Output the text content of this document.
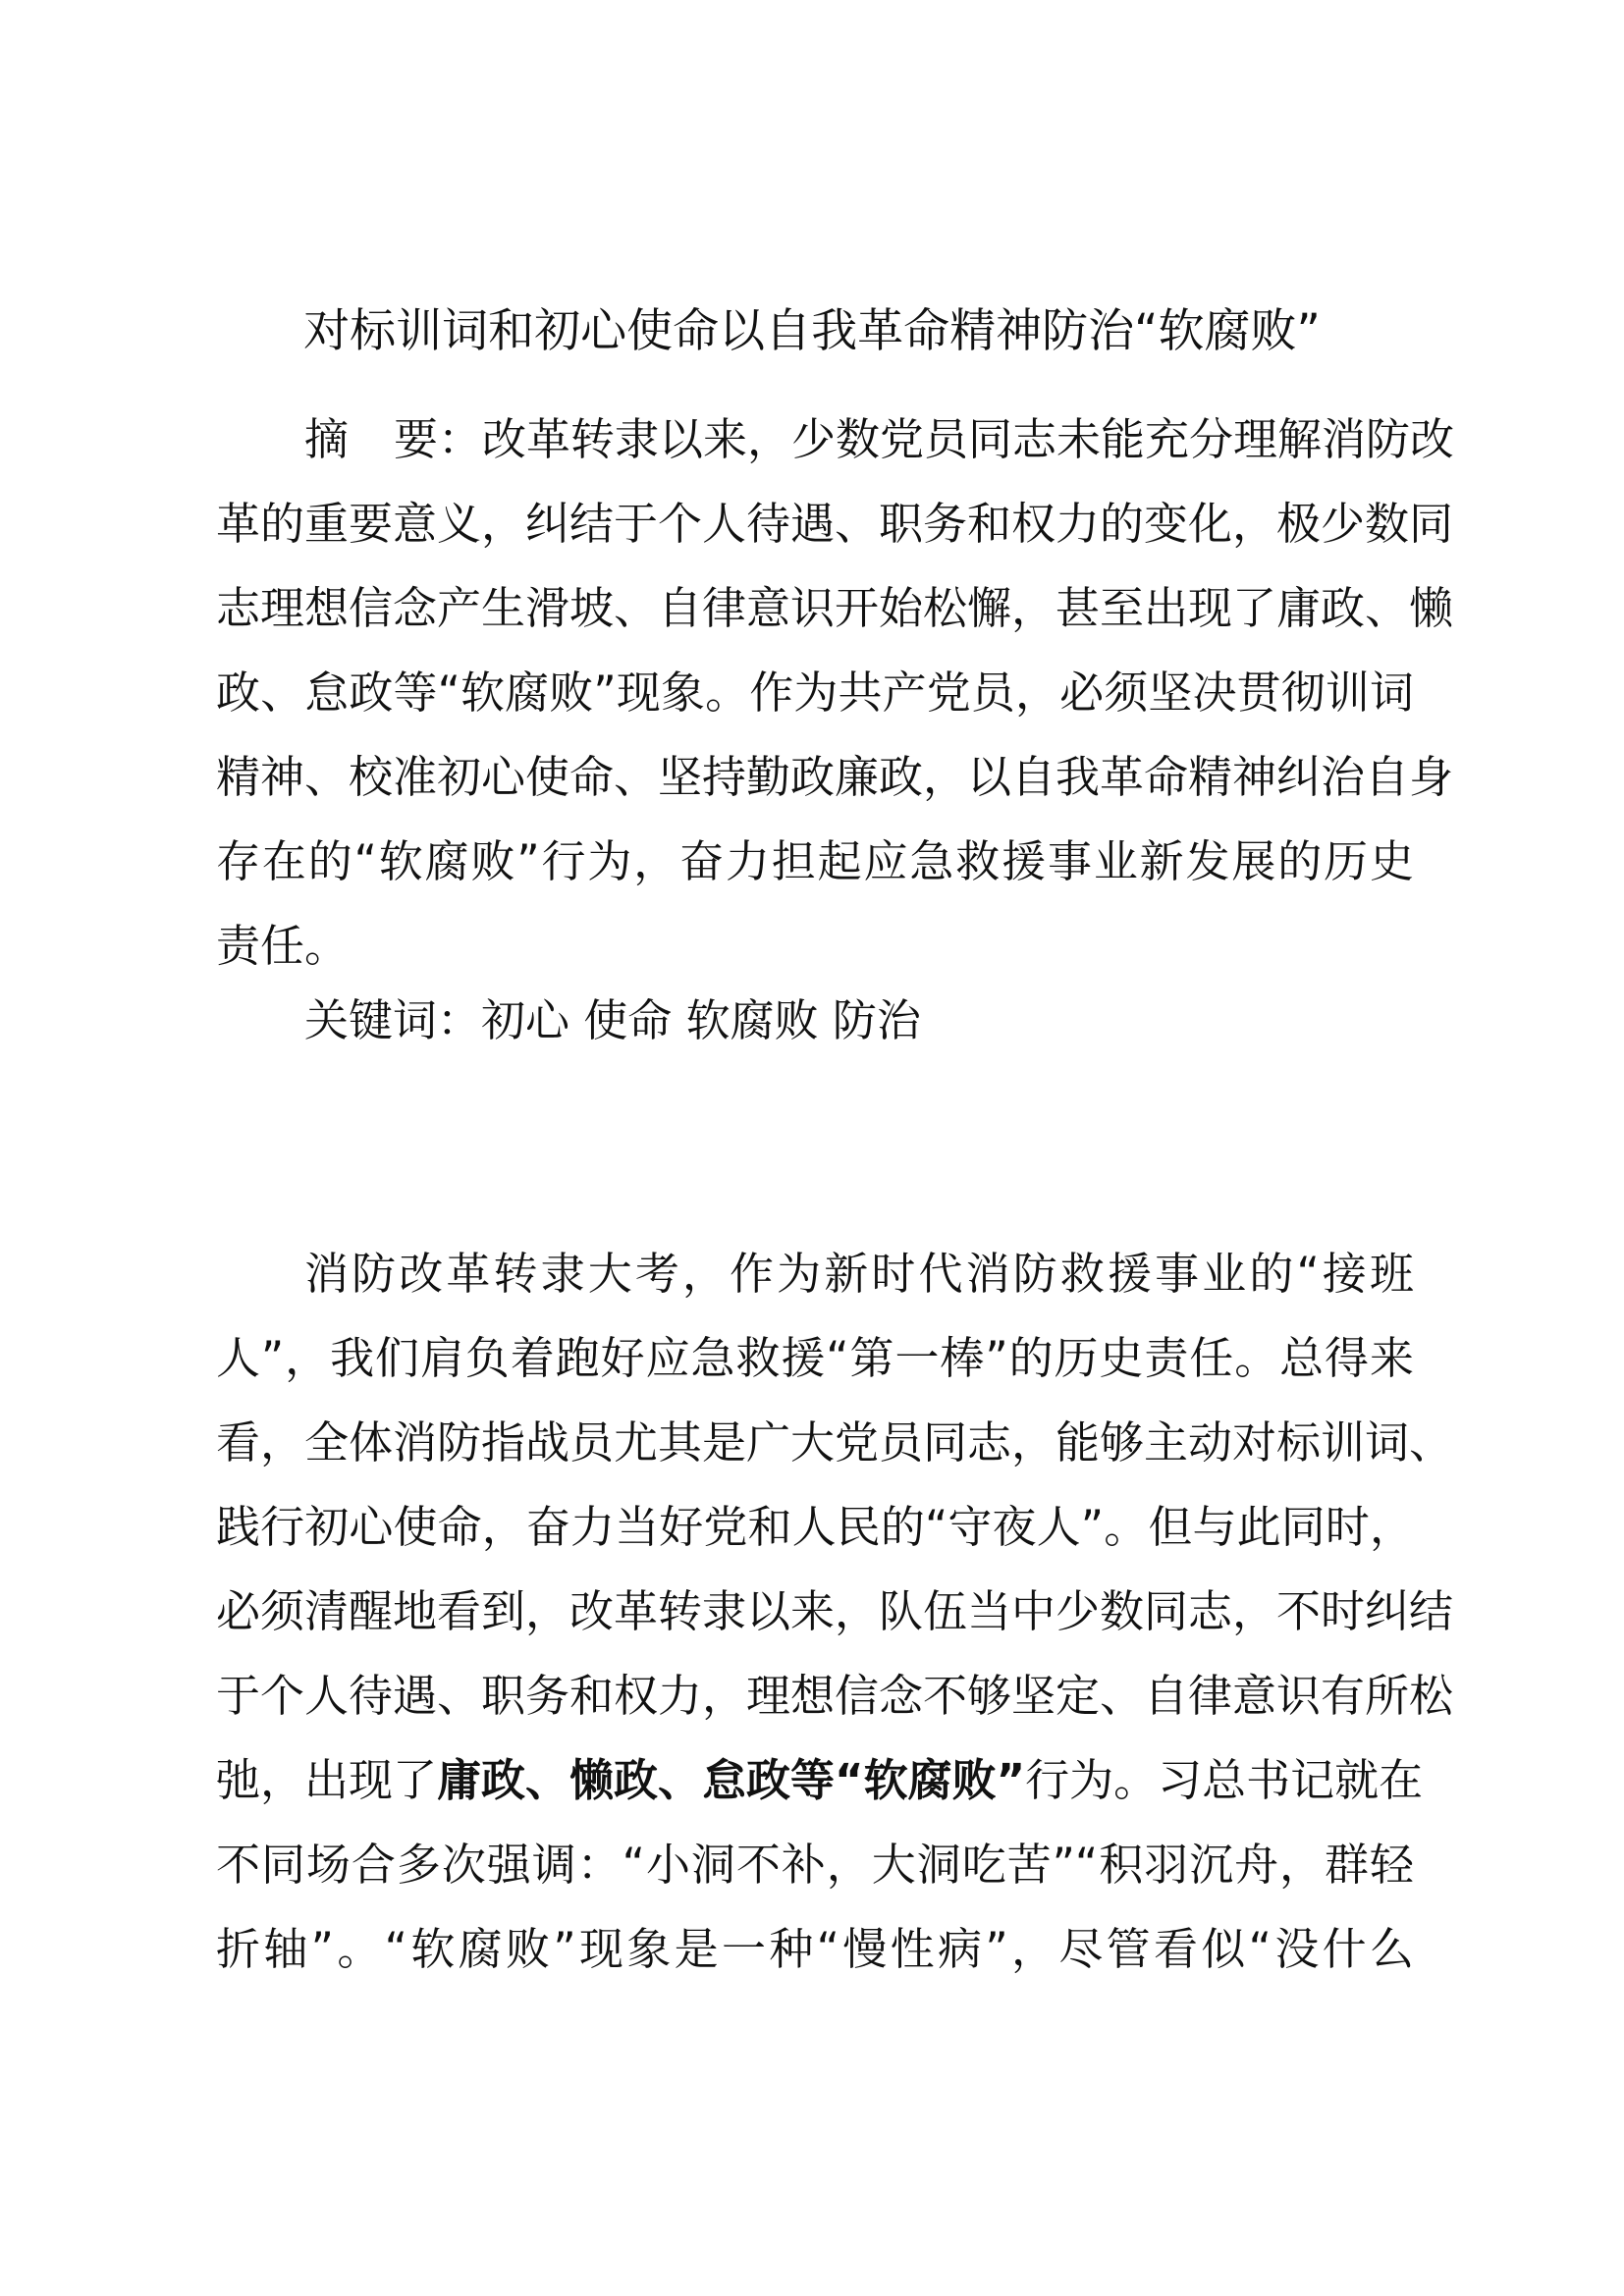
对标训词和初心使命以自我革命精神防治“软腐败”
摘 要：改革转隶以来，少数党员同志未能充分理解消防改
革的重要意义，纠结于个人待遇、职务和权力的变化，极少数同
志理想信念产生滑坡、自律意识开始松懈，甚至出现了庸政、懒
政、怠政等“软腐败”现象。作为共产党员，必须坚决贯彻训词
精神、校准初心使命、坚持勤政廉政，以自我革命精神纠治自身
存在的“软腐败”行为，奋力担起应急救援事业新发展的历史
责任。
关键词：初心 使命 软腐败 防治
消防改革转隶大考，作为新时代消防救援事业的“接班
人”，我们肩负着跑好应急救援“第一棒”的历史责任。总得来
看，全体消防指战员尤其是广大党员同志，能够主动对标训词、
践行初心使命，奋力当好党和人民的“守夜人”。但与此同时，
必须清醒地看到，改革转隶以来，队伍当中少数同志，不时纠结
于个人待遇、职务和权力，理想信念不够坚定、自律意识有所松
弛，出现了庸政、懒政、怠政等“软腐败”行为。习总书记就在
不同场合多次强调：“小洞不补，大洞吃苦”“积羽沉舟，群轻
折轴”。“软腐败”现象是一种“慢性病”，尽管看似“没什么
